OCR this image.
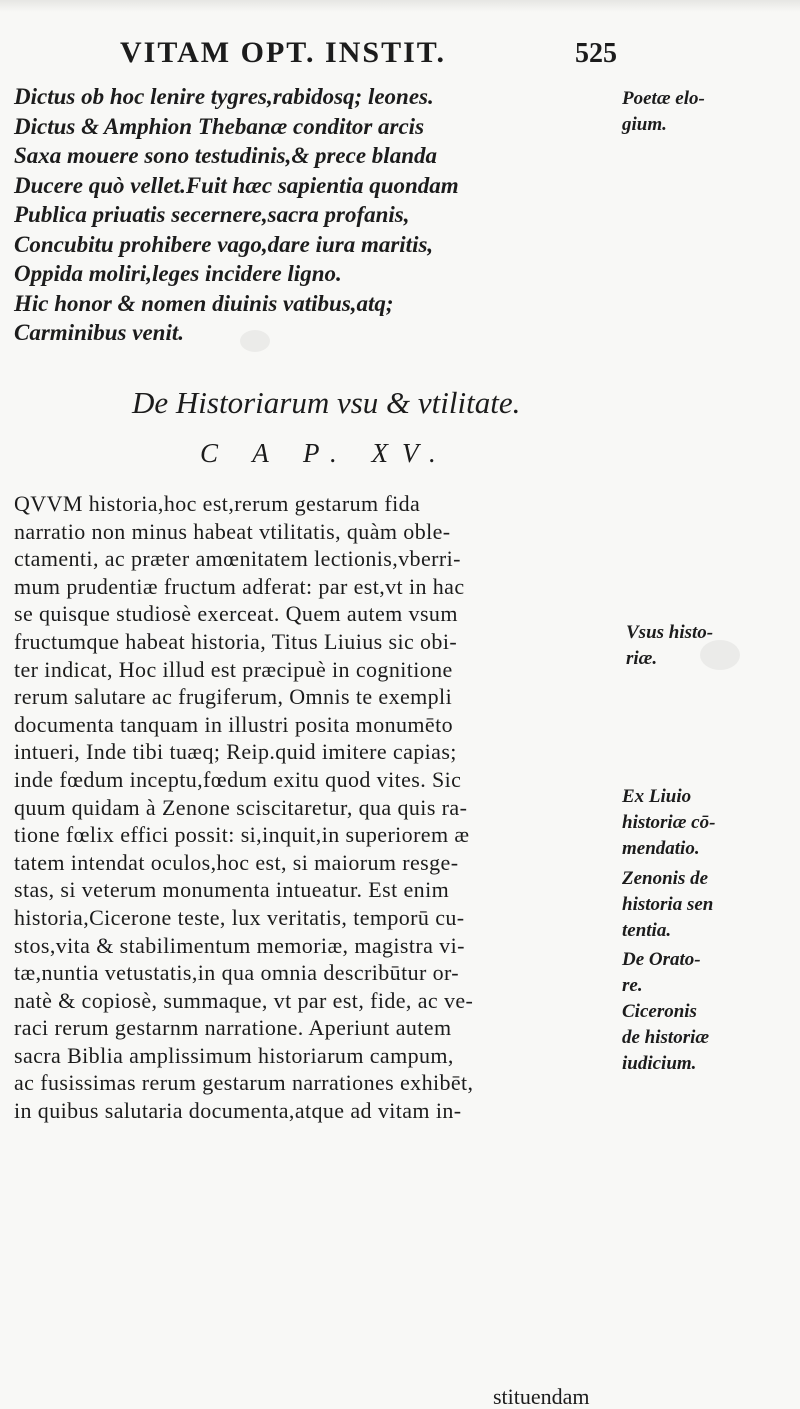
VITAM OPT. INSTIT.	525
Dictus ob hoc lenire tygres,rabidosq; leones.
Dictus & Amphion Thebanæ conditor arcis
Saxa mouere sono testudinis,& prece blanda
Ducere quò vellet.Fuit hæc sapientia quondam
Publica priuatis secernere,sacra profanis,
Concubitu prohibere vago,dare iura maritis,
Oppida moliri,leges incidere ligno.
Hic honor & nomen diuinis vatibus,atq;
Carminibus venit.
Poetæ elo-
gium.
De Historiarum vsu & vtilitate.
C A P. XV.
QVVM historia,hoc est,rerum gestarum fida
narratio non minus habeat vtilitatis, quàm oble-
ctamenti, ac præter amœnitatem lectionis,vberri-
mum prudentiæ fructum adferat: par est,vt in hac
se quisque studiosè exerceat. Quem autem vsum
fructumque habeat historia, Titus Liuius sic obi-
ter indicat, Hoc illud est præcipuè in cognitione
rerum salutare ac frugiferum, Omnis te exempli
documenta tanquam in illustri posita monumēto
intueri, Inde tibi tuæq; Reip.quid imitere capias;
inde fœdum inceptu,fœdum exitu quod vites. Sic
quum quidam à Zenone sciscitaretur, qua quis ra-
tione fœlix effici possit: si,inquit,in superiorem æ
tatem intendat oculos,hoc est, si maiorum resge-
stas, si veterum monumenta intueatur. Est enim
historia,Cicerone teste, lux veritatis, temporū cu-
stos,vita & stabilimentum memoriæ, magistra vi-
tæ,nuntia vetustatis,in qua omnia describūtur or-
natè & copiosè, summaque, vt par est, fide, ac ve-
raci rerum gestarnm narratione. Aperiunt autem
sacra Biblia amplissimum historiarum campum,
ac fusissimas rerum gestarum narrationes exhibēt,
in quibus salutaria documenta,atque ad vitam in-
Vsus histo-
riæ.
Ex Liuio
historiæ cō-
mendatio.
Zenonis de
historia sen
tentia.
De Orato-
re.
Ciceronis
de historiæ
iudicium.
stituendam
